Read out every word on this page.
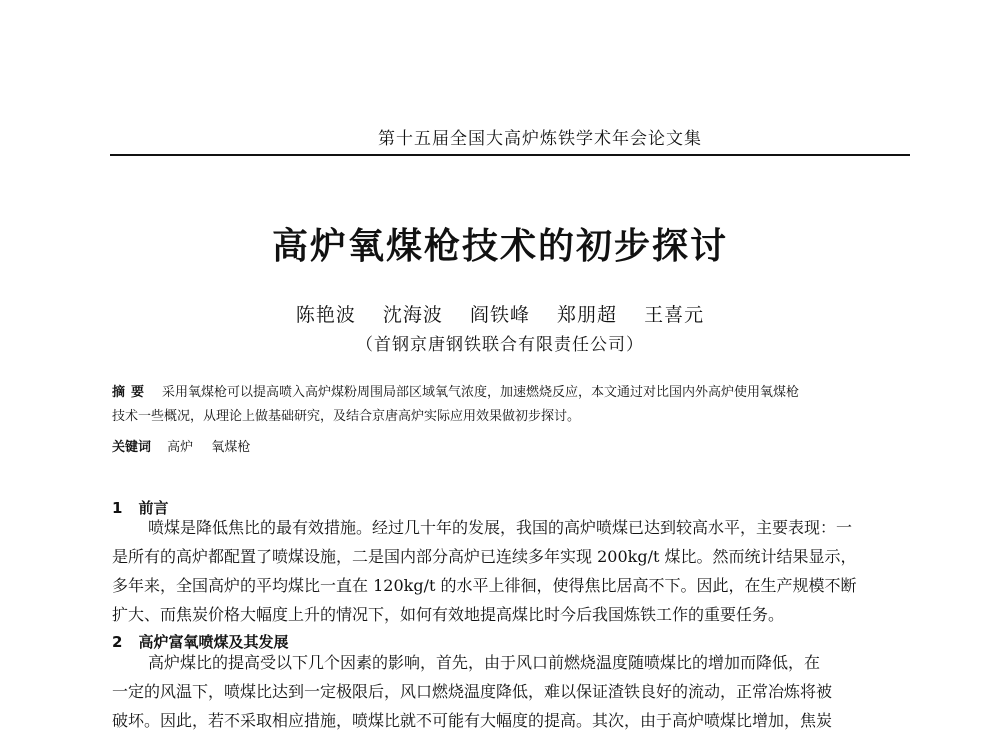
第十五届全国大高炉炼铁学术年会论文集
高炉氧煤枪技术的初步探讨
陈艳波 沈海波 阎铁峰 郑朋超 王喜元
（首钢京唐钢铁联合有限责任公司）
摘要 采用氧煤枪可以提高喷入高炉煤粉周围局部区域氧气浓度，加速燃烧反应，本文通过对比国内外高炉使用氧煤枪
技术一些概况，从理论上做基础研究，及结合京唐高炉实际应用效果做初步探讨。
关键词 高炉 氧煤枪
1 前言
喷煤是降低焦比的最有效措施。经过几十年的发展，我国的高炉喷煤已达到较高水平，主要表现：一
是所有的高炉都配置了喷煤设施，二是国内部分高炉已连续多年实现 200kg/t 煤比。然而统计结果显示，
多年来，全国高炉的平均煤比一直在 120kg/t 的水平上徘徊，使得焦比居高不下。因此，在生产规模不断
扩大、而焦炭价格大幅度上升的情况下，如何有效地提高煤比时今后我国炼铁工作的重要任务。
2 高炉富氧喷煤及其发展
高炉煤比的提高受以下几个因素的影响，首先，由于风口前燃烧温度随喷煤比的增加而降低，在
一定的风温下，喷煤比达到一定极限后，风口燃烧温度降低，难以保证渣铁良好的流动，正常冶炼将被
破坏。因此，若不采取相应措施，喷煤比就不可能有大幅度的提高。其次，由于高炉喷煤比增加，焦炭
